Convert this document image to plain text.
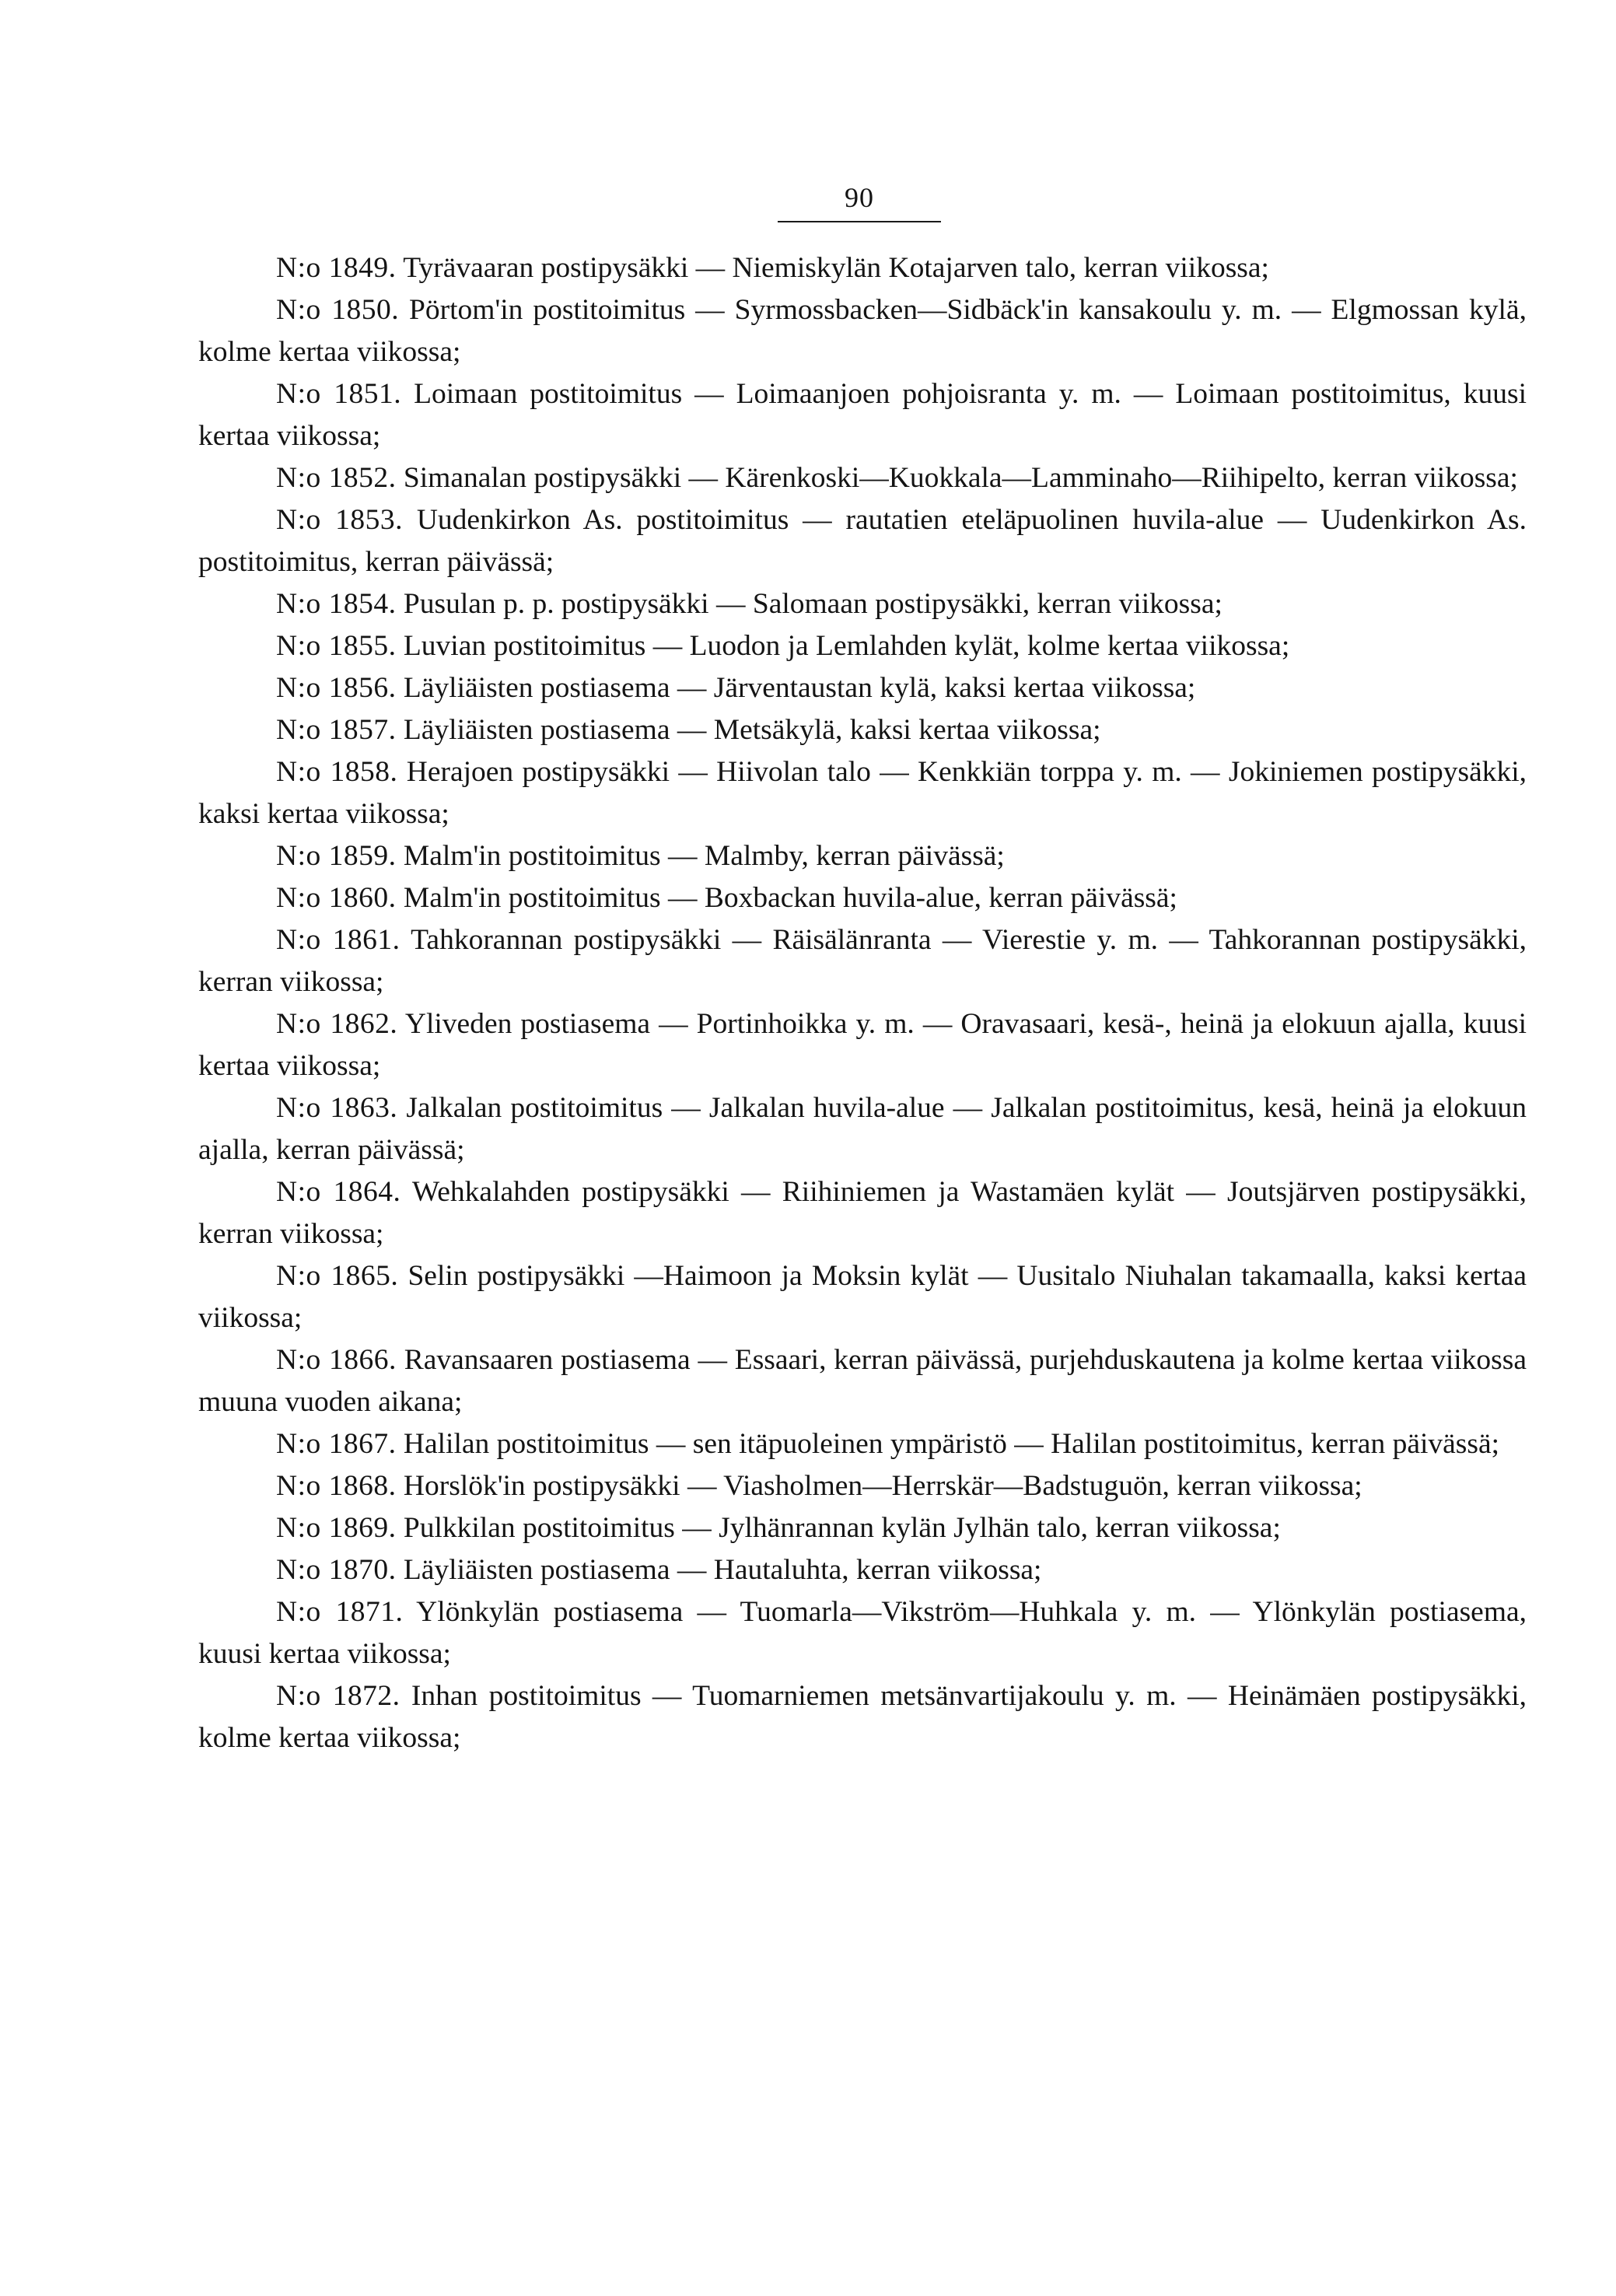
90

N:o 1849. Tyrävaaran postipysäkki — Niemiskylän Kotajarven talo, kerran viikossa;

N:o 1850. Pörtom'in postitoimitus — Syrmossbacken—Sidbäck'in kansakoulu y. m. — Elgmossan kylä, kolme kertaa viikossa;

N:o 1851. Loimaan postitoimitus — Loimaanjoen pohjoisranta y. m. — Loimaan postitoimitus, kuusi kertaa viikossa;

N:o 1852. Simanalan postipysäkki — Kärenkoski—Kuokkala—Lamminaho—Riihipelto, kerran viikossa;

N:o 1853. Uudenkirkon As. postitoimitus — rautatien eteläpuolinen huvila-alue — Uudenkirkon As. postitoimitus, kerran päivässä;

N:o 1854. Pusulan p. p. postipysäkki — Salomaan postipysäkki, kerran viikossa;

N:o 1855. Luvian postitoimitus — Luodon ja Lemlahden kylät, kolme kertaa viikossa;

N:o 1856. Läyliäisten postiasema — Järventaustan kylä, kaksi kertaa viikossa;

N:o 1857. Läyliäisten postiasema — Metsäkylä, kaksi kertaa viikossa;

N:o 1858. Herajoen postipysäkki — Hiivolan talo — Kenkkiän torppa y. m. — Jokiniemen postipysäkki, kaksi kertaa viikossa;

N:o 1859. Malm'in postitoimitus — Malmby, kerran päivässä;

N:o 1860. Malm'in postitoimitus — Boxbackan huvila-alue, kerran päivässä;

N:o 1861. Tahkorannan postipysäkki — Räisälänranta — Vierestie y. m. — Tahkorannan postipysäkki, kerran viikossa;

N:o 1862. Yliveden postiasema — Portinhoikka y. m. — Oravasaari, kesä-, heinä ja elokuun ajalla, kuusi kertaa viikossa;

N:o 1863. Jalkalan postitoimitus — Jalkalan huvila-alue — Jalkalan postitoimitus, kesä, heinä ja elokuun ajalla, kerran päivässä;

N:o 1864. Wehkalahden postipysäkki — Riihiniemen ja Wastamäen kylät — Joutsjärven postipysäkki, kerran viikossa;

N:o 1865. Selin postipysäkki —Haimoon ja Moksin kylät — Uusitalo Niuhalan takamaalla, kaksi kertaa viikossa;

N:o 1866. Ravansaaren postiasema — Essaari, kerran päivässä, purjehduskautena ja kolme kertaa viikossa muuna vuoden aikana;

N:o 1867. Halilan postitoimitus — sen itäpuoleinen ympäristö — Halilan postitoimitus, kerran päivässä;

N:o 1868. Horslök'in postipysäkki — Viasholmen—Herrskär—Badstuguön, kerran viikossa;

N:o 1869. Pulkkilan postitoimitus — Jylhänrannan kylän Jylhän talo, kerran viikossa;

N:o 1870. Läyliäisten postiasema — Hautaluhta, kerran viikossa;

N:o 1871. Ylönkylän postiasema — Tuomarla—Vikström—Huhkala y. m. — Ylönkylän postiasema, kuusi kertaa viikossa;

N:o 1872. Inhan postitoimitus — Tuomarniemen metsänvartijakoulu y. m. — Heinämäen postipysäkki, kolme kertaa viikossa;
